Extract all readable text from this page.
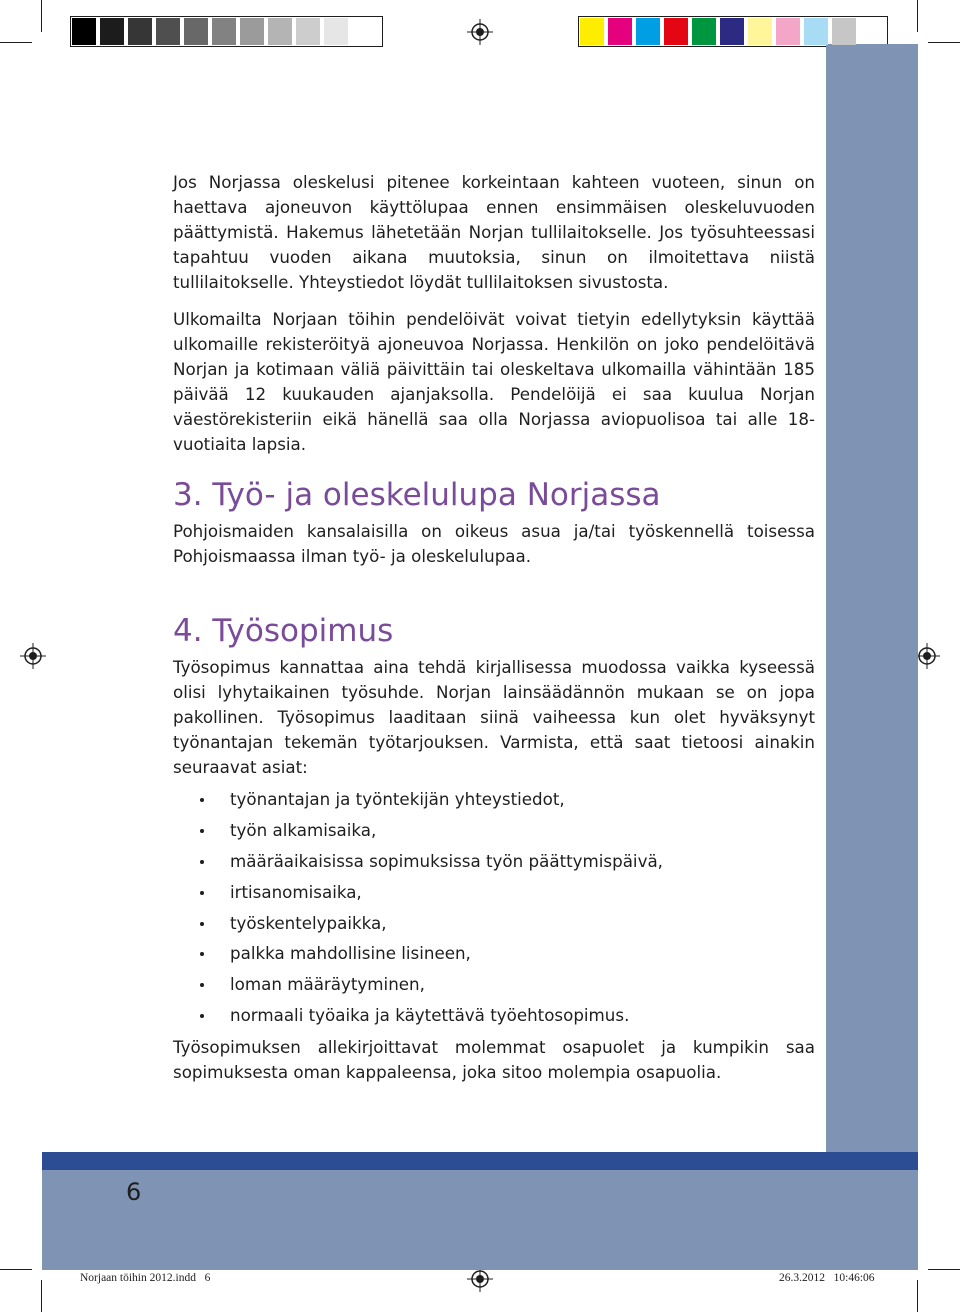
6

Jos Norjassa oleskelusi pitenee korkeintaan kahteen vuoteen, sinun on haettava ajoneuvon käyttölupaa ennen ensimmäisen oleskeluvuoden päättymistä. Hakemus lähetetään Norjan tullilaitokselle. Jos työsuhteessasi tapahtuu vuoden aikana muutoksia, sinun on ilmoitettava niistä tullilaitokselle. Yhteystiedot löydät tullilaitoksen sivustosta.

Ulkomailta Norjaan töihin pendelöivät voivat tietyin edellytyksin käyttää ulkomaille rekisteröityä ajoneuvoa Norjassa. Henkilön on joko pendelöitävä Norjan ja kotimaan väliä päivittäin tai oleskeltava ulkomailla vähintään 185 päivää 12 kuukauden ajanjaksolla. Pendelöijä ei saa kuulua Norjan väestörekisteriin eikä hänellä saa olla Norjassa aviopuolisoa tai alle 18-vuotiaita lapsia.

3. Työ- ja oleskelulupa Norjassa

Pohjoismaiden kansalaisilla on oikeus asua ja/tai työskennellä toisessa Pohjoismaassa ilman työ- ja oleskelulupaa.

4. Työsopimus

Työsopimus kannattaa aina tehdä kirjallisessa muodossa vaikka kyseessä olisi lyhytaikainen työsuhde. Norjan lainsäädännön mukaan se on jopa pakollinen. Työsopimus laaditaan siinä vaiheessa kun olet hyväksynyt työnantajan tekemän työtarjouksen. Varmista, että saat tietoosi ainakin seuraavat asiat:

työnantajan ja työntekijän yhteystiedot,
työn alkamisaika,
määräaikaisissa sopimuksissa työn päättymispäivä,
irtisanomisaika,
työskentelypaikka,
palkka mahdollisine lisineen,
loman määräytyminen,
normaali työaika ja käytettävä työehtosopimus.

Työsopimuksen allekirjoittavat molemmat osapuolet ja kumpikin saa sopimuksesta oman kappaleensa, joka sitoo molempia osapuolia.

Norjaan töihin 2012.indd   6	26.3.2012   10:46:06
